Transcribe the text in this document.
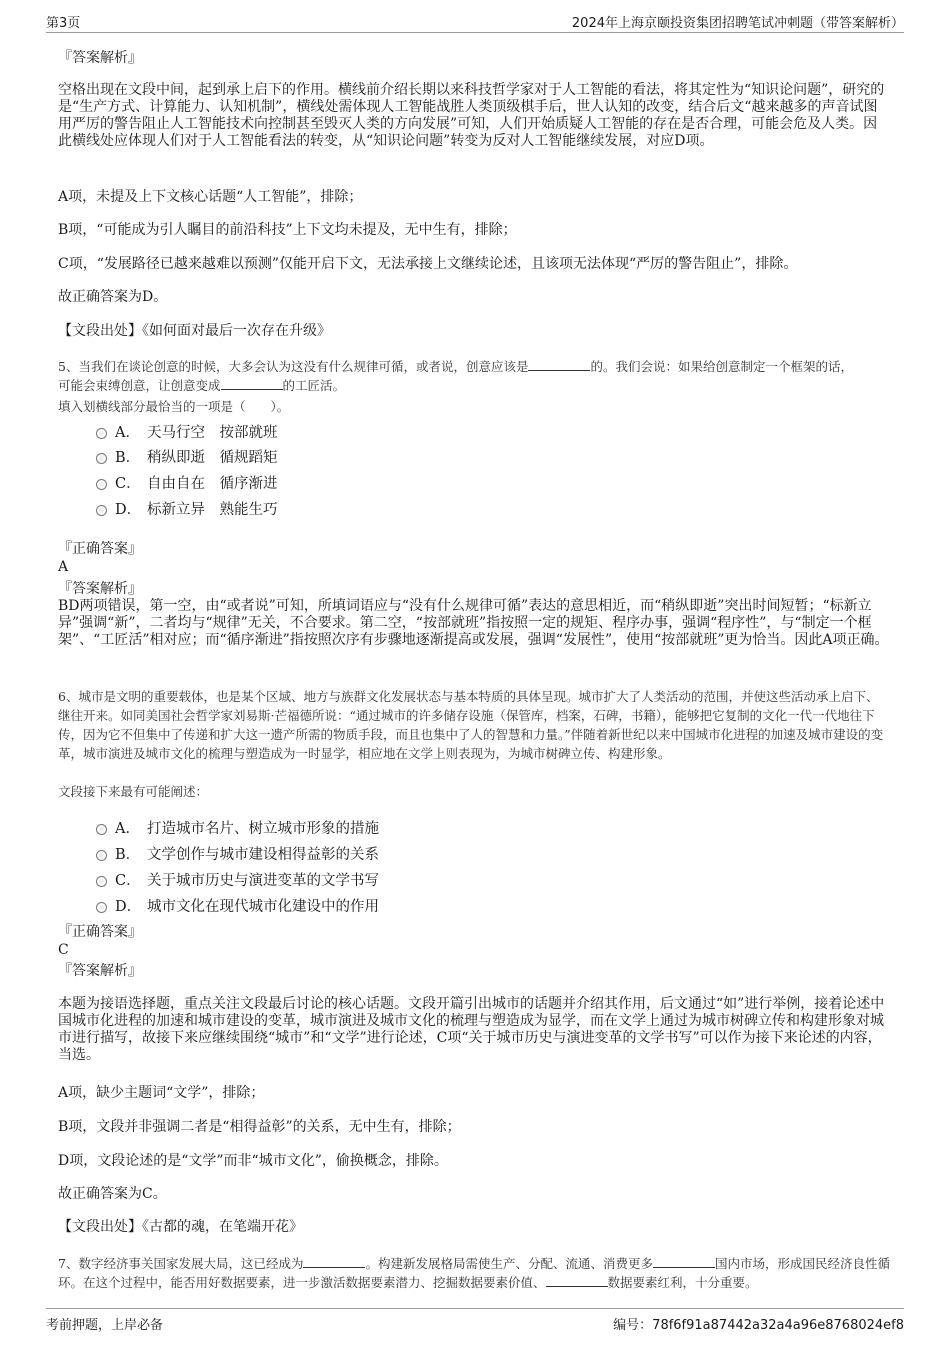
第3页	2024年上海京颐投资集团招聘笔试冲刺题（带答案解析）
『答案解析』
空格出现在文段中间，起到承上启下的作用。横线前介绍长期以来科技哲学家对于人工智能的看法，将其定性为“知识论问题”，研究的是“生产方式、计算能力、认知机制”，横线处需体现人工智能战胜人类顶级棋手后，世人认知的改变，结合后文“越来越多的声音试图用严厉的警告阻止人工智能技术向控制甚至毁灭人类的方向发展”可知，人们开始质疑人工智能的存在是否合理，可能会危及人类。因此横线处应体现人们对于人工智能看法的转变，从“知识论问题”转变为反对人工智能继续发展，对应D项。
A项，未提及上下文核心话题“人工智能”，排除；
B项，“可能成为引人瞩目的前沿科技”上下文均未提及，无中生有，排除；
C项，“发展路径已越来越难以预测”仅能开启下文，无法承接上文继续论述，且该项无法体现“严厉的警告阻止”，排除。
故正确答案为D。
【文段出处】《如何面对最后一次存在升级》
5、当我们在谈论创意的时候，大多会认为这没有什么规律可循，或者说，创意应该是	的。我们会说：如果给创意制定一个框架的话，
可能会束缚创意，让创意变成	的工匠活。
填入划横线部分最恰当的一项是（　　）。
A． 天马行空　按部就班
B． 稍纵即逝　循规蹈矩
C． 自由自在　循序渐进
D． 标新立异　熟能生巧
『正确答案』
A
『答案解析』
BD两项错误，第一空，由“或者说”可知，所填词语应与“没有什么规律可循”表达的意思相近，而“稍纵即逝”突出时间短暂；“标新立异”强调“新”，二者均与“规律”无关，不合要求。第二空，“按部就班”指按照一定的规矩、程序办事，强调“程序性”，与“制定一个框架”、“工匠活”相对应；而“循序渐进”指按照次序有步骤地逐渐提高或发展，强调“发展性”，使用“按部就班”更为恰当。因此A项正确。
6、城市是文明的重要载体，也是某个区域、地方与族群文化发展状态与基本特质的具体呈现。城市扩大了人类活动的范围，并使这些活动承上启下、继往开来。如同美国社会哲学家刘易斯·芒福德所说：“通过城市的许多储存设施（保管库，档案，石碑，书籍），能够把它复制的文化一代一代地往下传，因为它不但集中了传递和扩大这一遗产所需的物质手段，而且也集中了人的智慧和力量。”伴随着新世纪以来中国城市化进程的加速及城市建设的变革，城市演进及城市文化的梳理与塑造成为一时显学，相应地在文学上则表现为，为城市树碑立传、构建形象。
文段接下来最有可能阐述：
A． 打造城市名片、树立城市形象的措施
B． 文学创作与城市建设相得益彰的关系
C． 关于城市历史与演进变革的文学书写
D． 城市文化在现代城市化建设中的作用
『正确答案』
C
『答案解析』
本题为接语选择题，重点关注文段最后讨论的核心话题。文段开篇引出城市的话题并介绍其作用，后文通过“如”进行举例，接着论述中国城市化进程的加速和城市建设的变革，城市演进及城市文化的梳理与塑造成为显学，而在文学上通过为城市树碑立传和构建形象对城市进行描写，故接下来应继续围绕“城市”和“文学”进行论述，C项“关于城市历史与演进变革的文学书写”可以作为接下来论述的内容，当选。
A项，缺少主题词“文学”，排除；
B项，文段并非强调二者是“相得益彰”的关系，无中生有，排除；
D项，文段论述的是“文学”而非“城市文化”，偷换概念，排除。
故正确答案为C。
【文段出处】《古都的魂，在笔端开花》
7、数字经济事关国家发展大局，这已经成为	。构建新发展格局需使生产、分配、流通、消费更多	国内市场，形成国民经济良性循环。在这个过程中，能否用好数据要素，进一步激活数据要素潜力、挖掘数据要素价值、	数据要素红利，十分重要。
考前押题，上岸必备	编号：78f6f91a87442a32a4a96e8768024ef8
